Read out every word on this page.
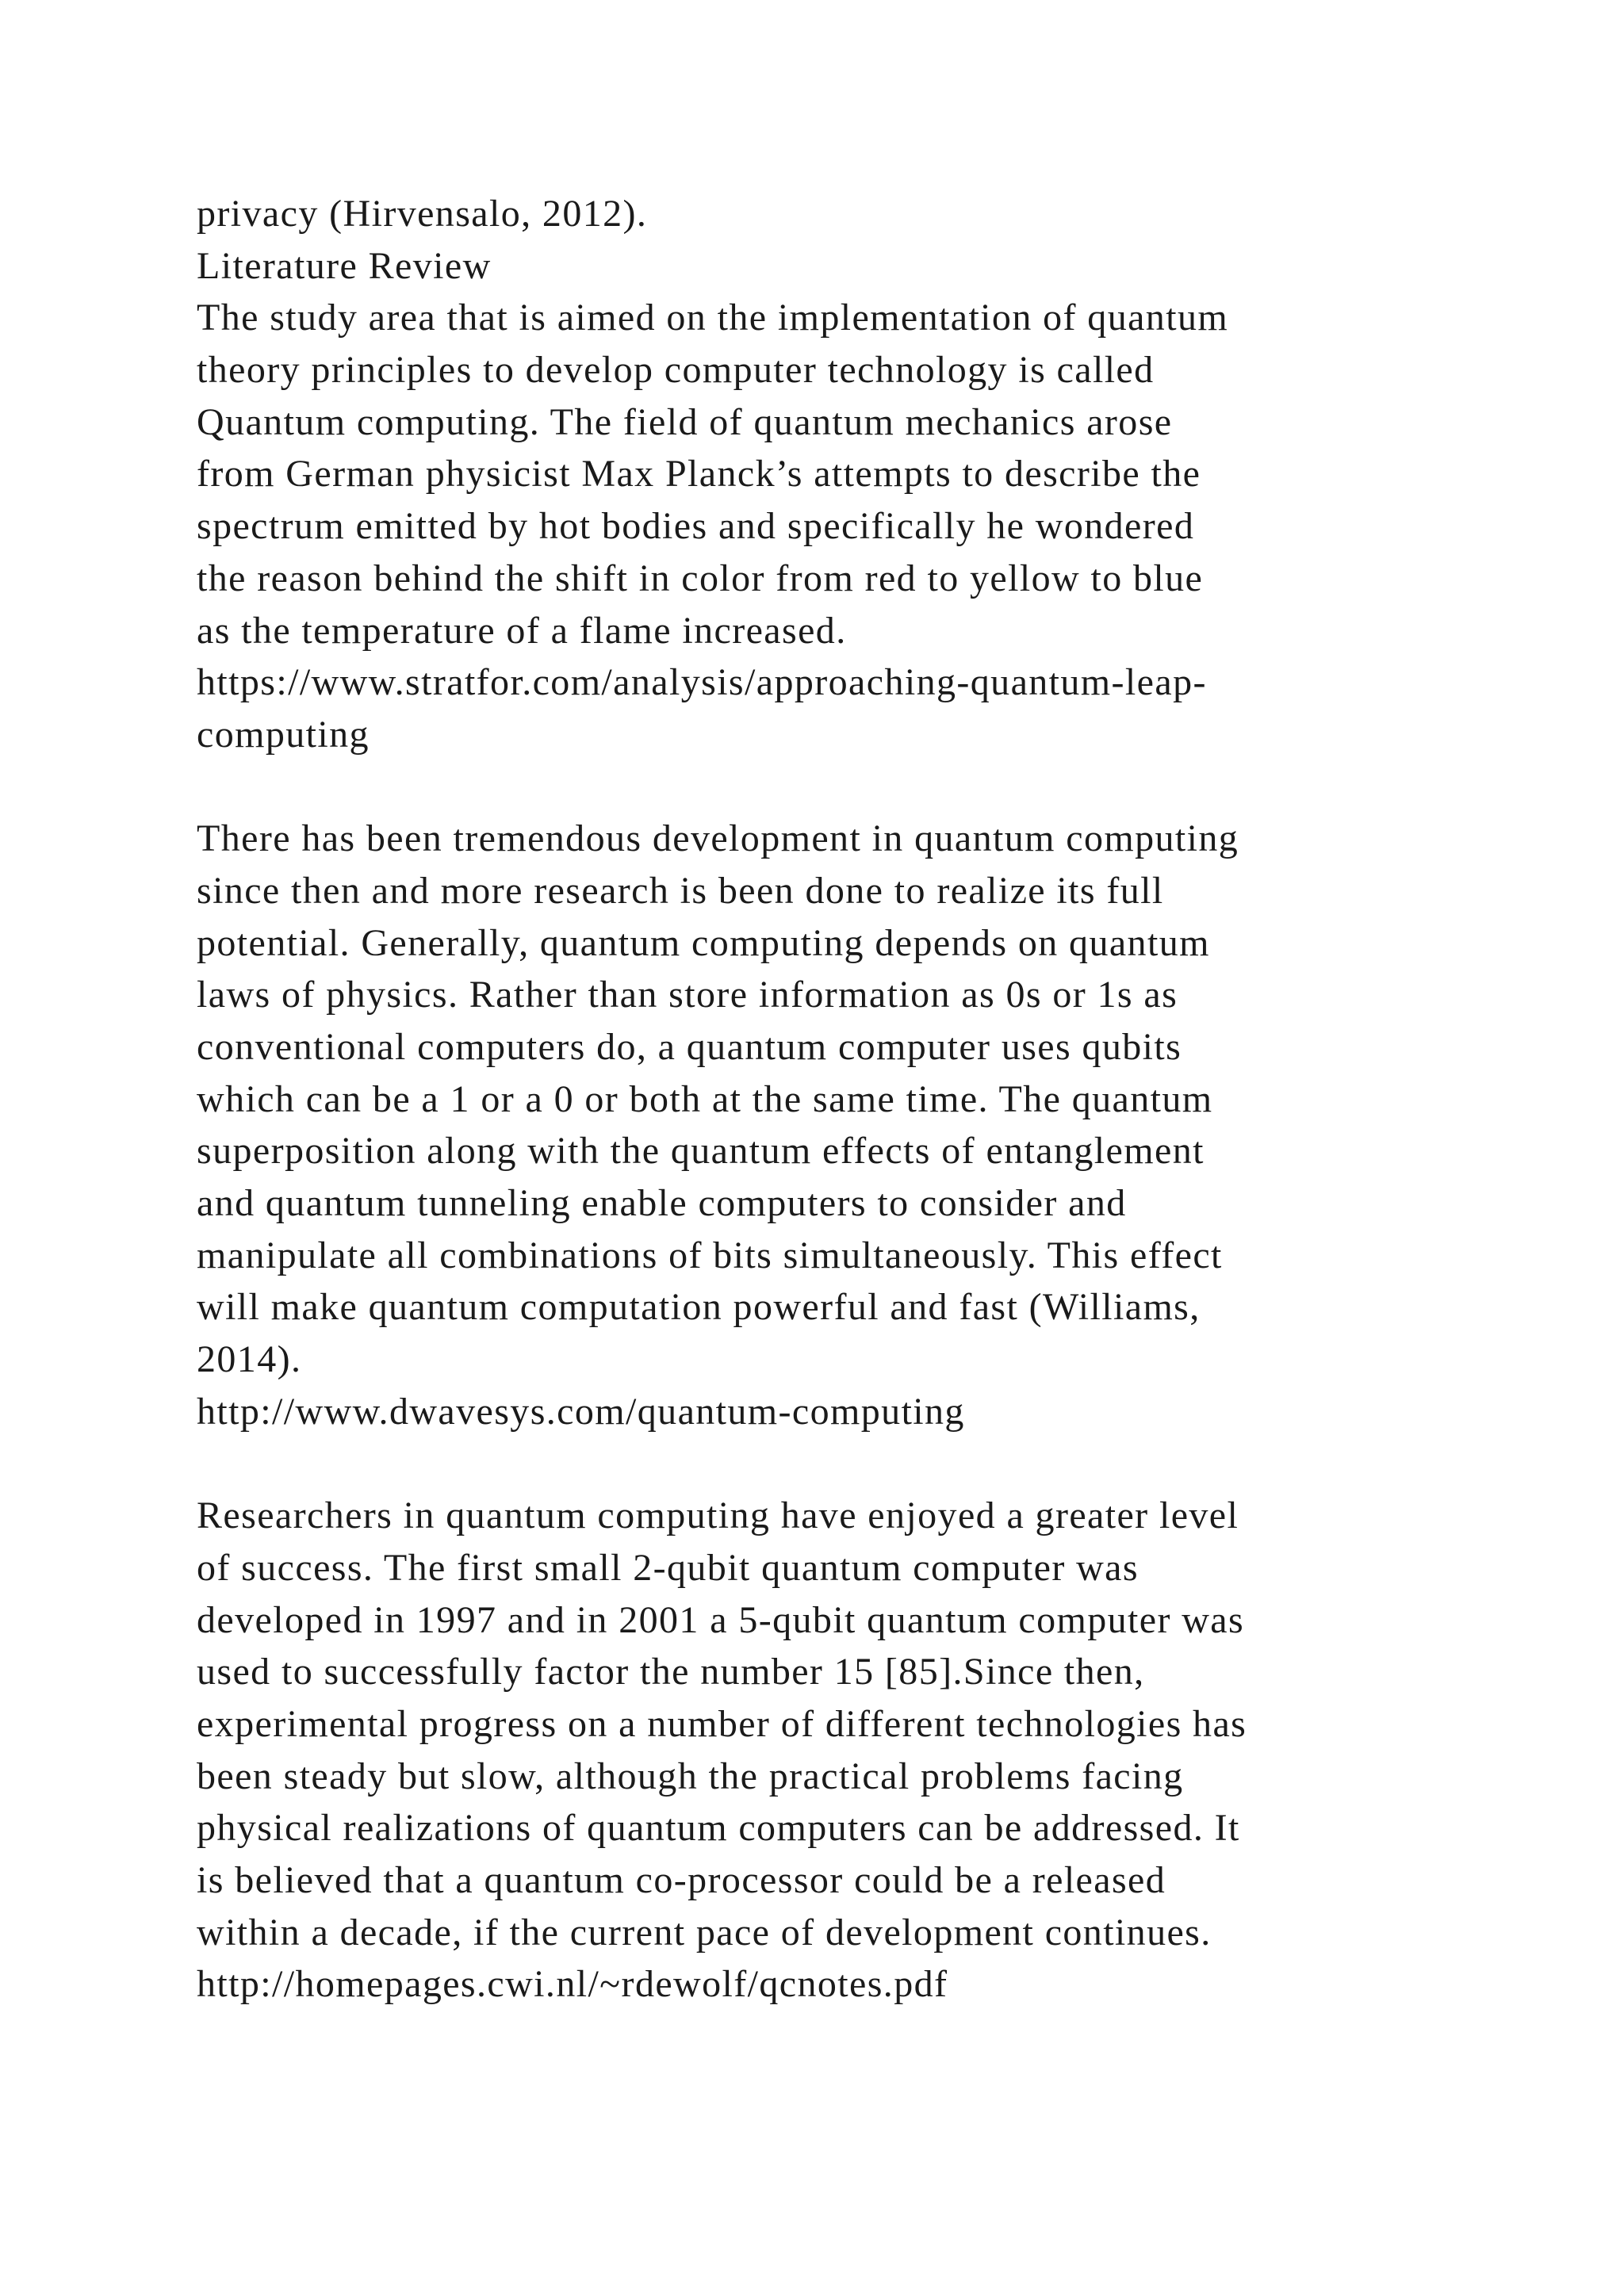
privacy (Hirvensalo, 2012).
Literature Review
The study area that is aimed on the implementation of quantum
theory principles to develop computer technology is called
Quantum computing. The field of quantum mechanics arose
from German physicist Max Planck’s attempts to describe the
spectrum emitted by hot bodies and specifically he wondered
the reason behind the shift in color from red to yellow to blue
as the temperature of a flame increased.
https://www.stratfor.com/analysis/approaching-quantum-leap-
computing
There has been tremendous development in quantum computing
since then and more research is been done to realize its full
potential. Generally, quantum computing depends on quantum
laws of physics. Rather than store information as 0s or 1s as
conventional computers do, a quantum computer uses qubits
which can be a 1 or a 0 or both at the same time. The quantum
superposition along with the quantum effects of entanglement
and quantum tunneling enable computers to consider and
manipulate all combinations of bits simultaneously. This effect
will make quantum computation powerful and fast (Williams,
2014).
http://www.dwavesys.com/quantum-computing
Researchers in quantum computing have enjoyed a greater level
of success. The first small 2-qubit quantum computer was
developed in 1997 and in 2001 a 5-qubit quantum computer was
used to successfully factor the number 15 [85].Since then,
experimental progress on a number of different technologies has
been steady but slow, although the practical problems facing
physical realizations of quantum computers can be addressed. It
is believed that a quantum co-processor could be a released
within a decade, if the current pace of development continues.
http://homepages.cwi.nl/~rdewolf/qcnotes.pdf
